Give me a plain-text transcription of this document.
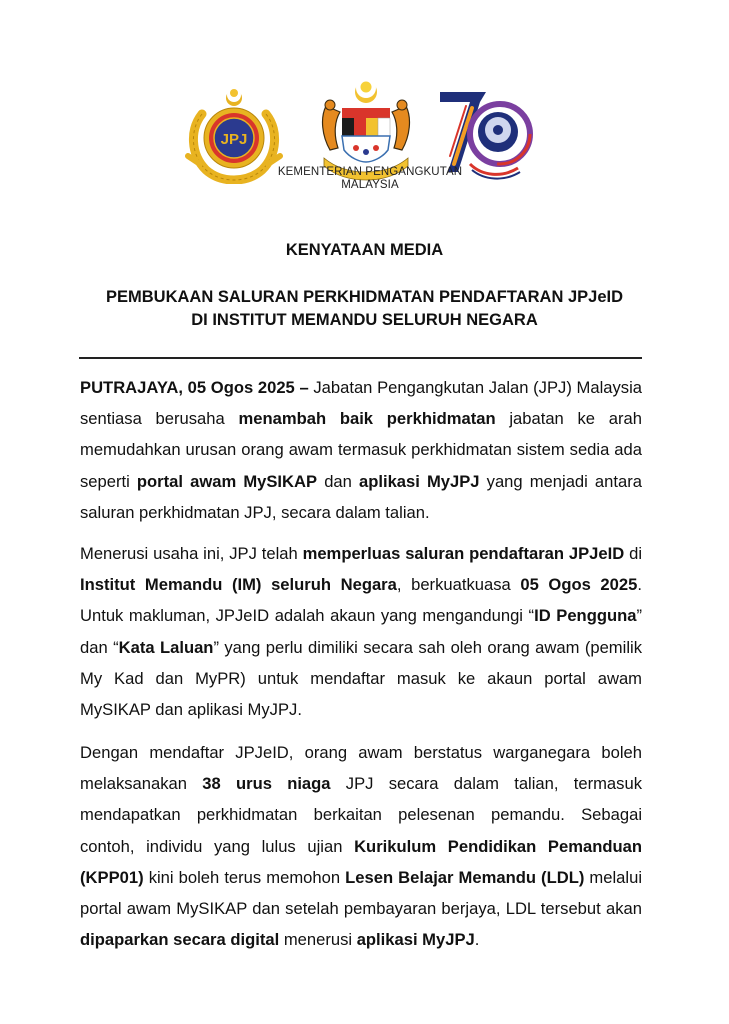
JPJ
KEMENTERIAN PENGANGKUTAN
MALAYSIA
KENYATAAN MEDIA
PEMBUKAAN SALURAN PERKHIDMATAN PENDAFTARAN JPJeID
DI INSTITUT MEMANDU SELURUH NEGARA
PUTRAJAYA, 05 Ogos 2025 – Jabatan Pengangkutan Jalan (JPJ) Malaysia sentiasa berusaha menambah baik perkhidmatan jabatan ke arah memudahkan urusan orang awam termasuk perkhidmatan sistem sedia ada seperti portal awam MySIKAP dan aplikasi MyJPJ yang menjadi antara saluran perkhidmatan JPJ, secara dalam talian.
Menerusi usaha ini, JPJ telah memperluas saluran pendaftaran JPJeID di Institut Memandu (IM) seluruh Negara, berkuatkuasa 05 Ogos 2025. Untuk makluman, JPJeID adalah akaun yang mengandungi “ID Pengguna” dan “Kata Laluan” yang perlu dimiliki secara sah oleh orang awam (pemilik My Kad dan MyPR) untuk mendaftar masuk ke akaun portal awam MySIKAP dan aplikasi MyJPJ.
Dengan mendaftar JPJeID, orang awam berstatus warganegara boleh melaksanakan 38 urus niaga JPJ secara dalam talian, termasuk mendapatkan perkhidmatan berkaitan pelesenan pemandu. Sebagai contoh, individu yang lulus ujian Kurikulum Pendidikan Pemanduan (KPP01) kini boleh terus memohon Lesen Belajar Memandu (LDL) melalui portal awam MySIKAP dan setelah pembayaran berjaya, LDL tersebut akan dipaparkan secara digital menerusi aplikasi MyJPJ.
